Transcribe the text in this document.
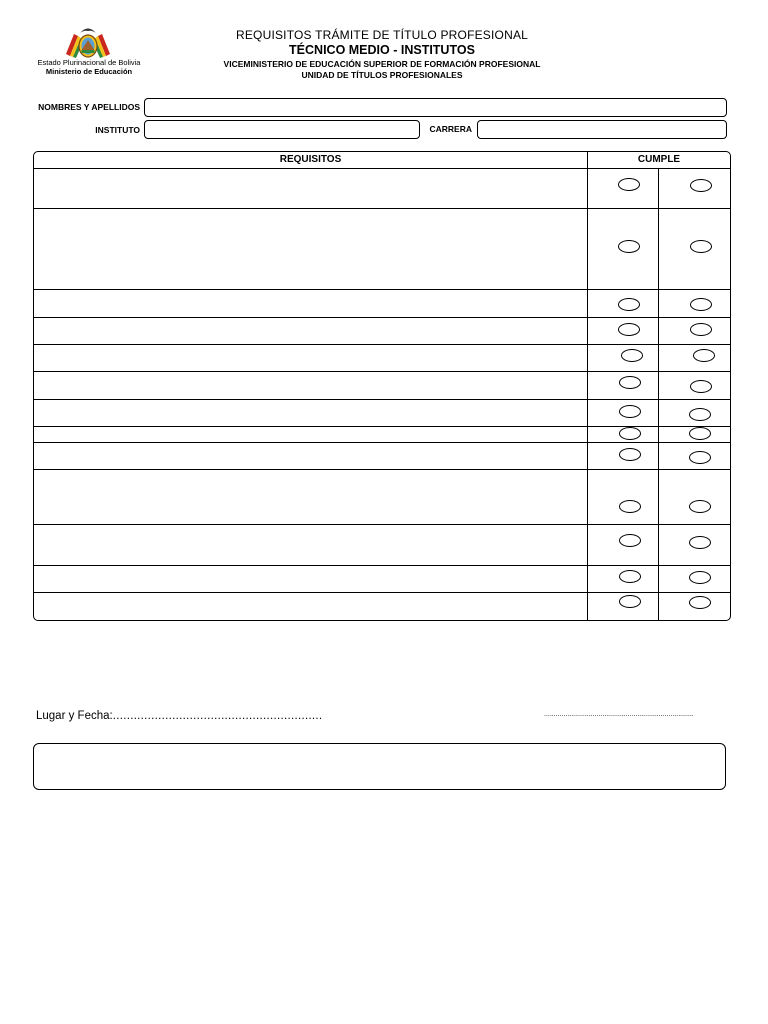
Estado Plurinacional de Bolivia
Ministerio de Educación
REQUISITOS TRÁMITE DE TÍTULO PROFESIONAL
TÉCNICO MEDIO - INSTITUTOS
VICEMINISTERIO DE EDUCACIÓN SUPERIOR DE FORMACIÓN PROFESIONAL
UNIDAD DE TÍTULOS PROFESIONALES
NOMBRES Y APELLIDOS
INSTITUTO	CARRERA
REQUISITOS	CUMPLE
Lugar y Fecha:............................................................	.............................................................................
